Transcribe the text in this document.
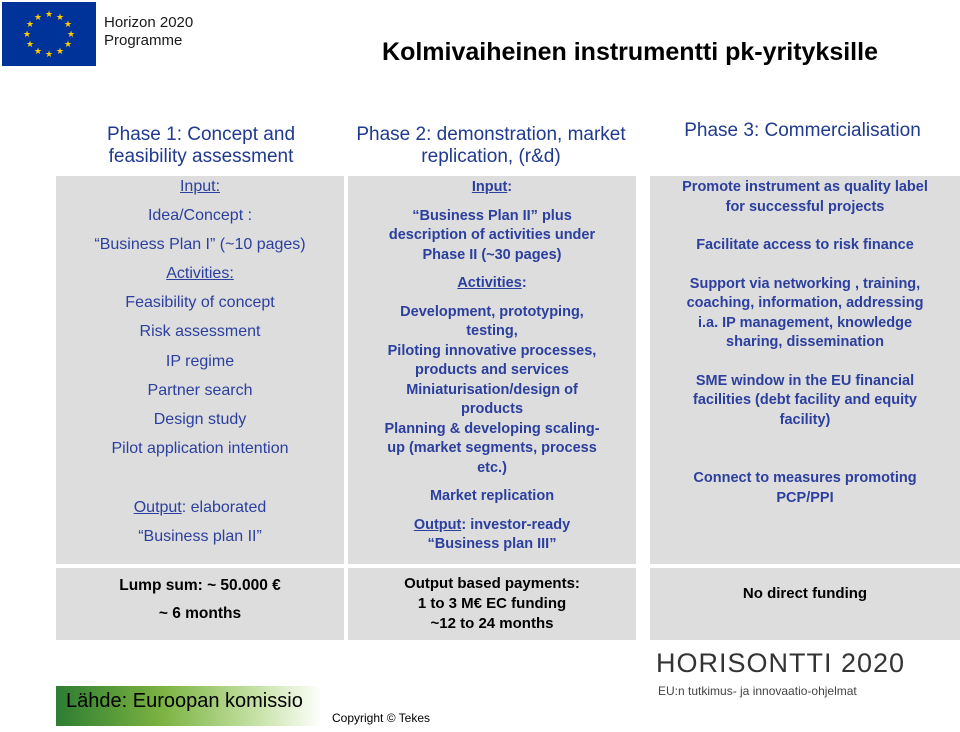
★ ★
★
★
★
★
★
★
★
★
★
★	Horizon 2020
Programme	Kolmivaiheinen instrumentti pk-yrityksille
Phase 1: Concept and
feasibility assessment
Phase 2: demonstration, market
replication, (r&d)
Phase 3: Commercialisation
Input:
Idea/Concept :
“Business Plan I” (~10 pages)
Activities:
Feasibility of concept
Risk assessment
IP regime
Partner search
Design study
Pilot application intention
Output: elaborated
“Business plan II”
Lump sum: ~ 50.000 €
~ 6 months
Input:
“Business Plan II” plus
description of activities under
Phase II (~30 pages)
Activities:
Development, prototyping,
testing,
Piloting innovative processes,
products and services
Miniaturisation/design of
products
Planning & developing scaling-
up (market segments, process
etc.)
Market replication
Output: investor-ready
“Business plan III”
Output based payments:
1 to 3 M€ EC funding
~12 to 24 months
Promote instrument as quality label
for successful projects
Facilitate access to risk finance
Support via networking , training,
coaching, information, addressing
i.a. IP management, knowledge
sharing, dissemination
SME window in the EU financial
facilities (debt facility and equity
facility)
Connect to measures promoting
PCP/PPI
No direct funding
Lähde: Euroopan komissio
Copyright © Tekes
HORISONTTI 2020
EU:n tutkimus- ja innovaatio-ohjelmat
